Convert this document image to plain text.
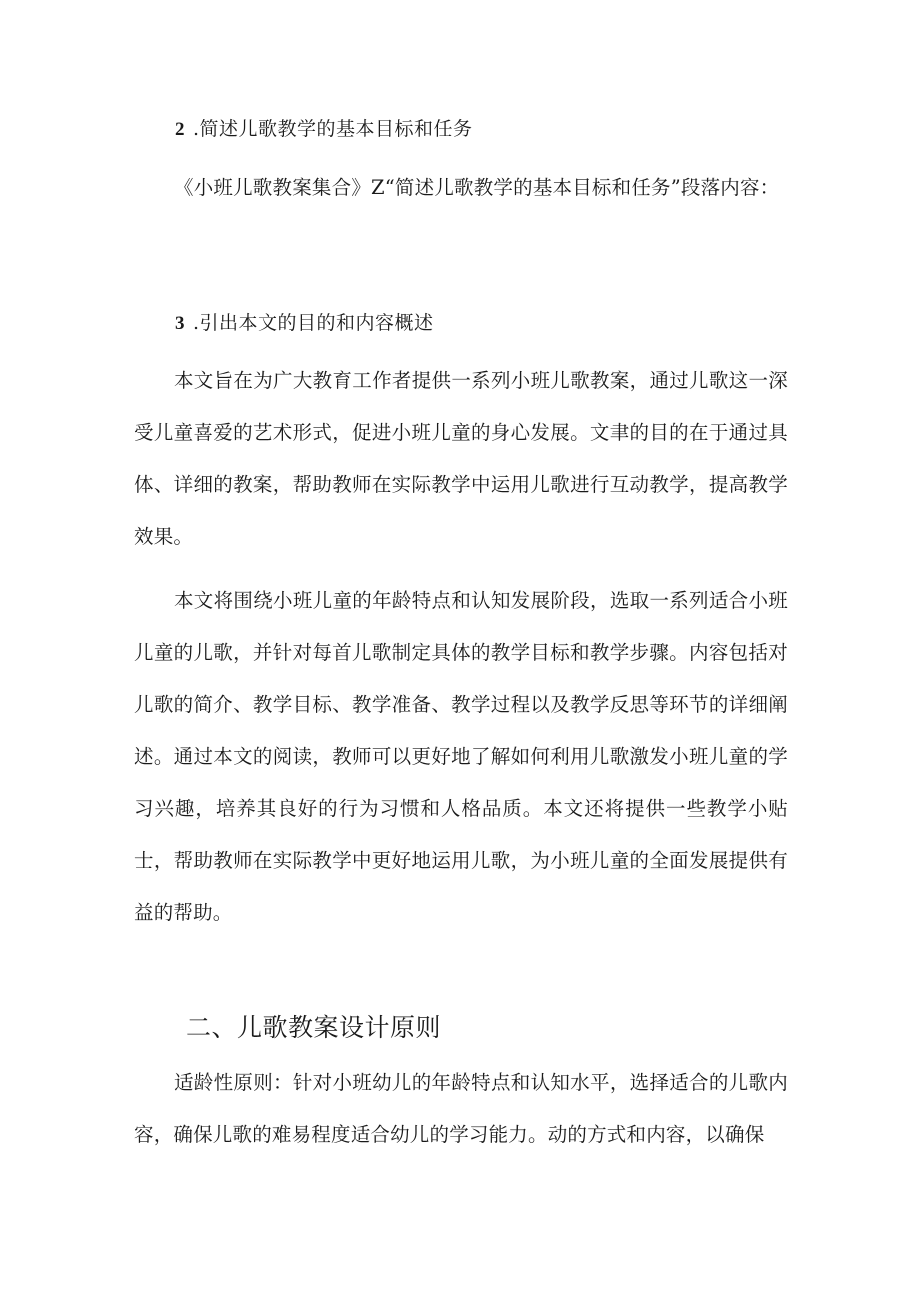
2 .简述儿歌教学的基本目标和任务

《小班儿歌教案集合》Z“简述儿歌教学的基本目标和任务”段落内容：

3 .引出本文的目的和内容概述

本文旨在为广大教育工作者提供一系列小班儿歌教案，通过儿歌这一深受儿童喜爱的艺术形式，促进小班儿童的身心发展。文聿的目的在于通过具体、详细的教案，帮助教师在实际教学中运用儿歌进行互动教学，提高教学效果。

本文将围绕小班儿童的年龄特点和认知发展阶段，选取一系列适合小班儿童的儿歌，并针对每首儿歌制定具体的教学目标和教学步骤。内容包括对儿歌的简介、教学目标、教学准备、教学过程以及教学反思等环节的详细阐述。通过本文的阅读，教师可以更好地了解如何利用儿歌激发小班儿童的学习兴趣，培养其良好的行为习惯和人格品质。本文还将提供一些教学小贴士，帮助教师在实际教学中更好地运用儿歌，为小班儿童的全面发展提供有益的帮助。

二、儿歌教案设计原则

适龄性原则：针对小班幼儿的年龄特点和认知水平，选择适合的儿歌内容，确保儿歌的难易程度适合幼儿的学习能力。动的方式和内容，以确保
